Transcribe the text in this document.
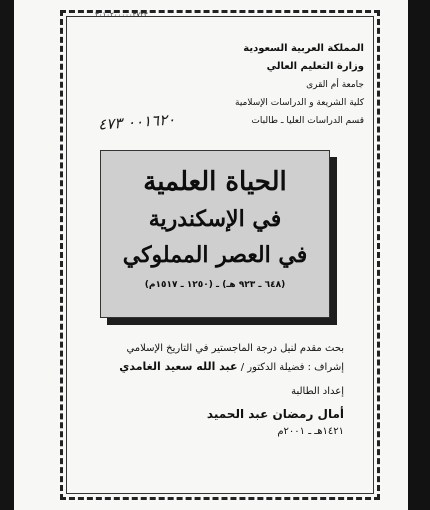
٣٠١٠٢٠٠٠٠٠٣٧٢٣
المملكة العربية السعودية
وزارة التعليم العالي
جامعة أم القرى
كلية الشريعة و الدراسات الإسلامية
قسم الدراسات العليا ـ طالبات
٠٠١٦٢٠ ٤٧٣
الحياة العلمية
في الإسكندرية
في العصر المملوكي
(٦٤٨ ـ ٩٢٣ هـ) ـ (١٢٥٠ ـ ١٥١٧م)
بحث مقدم لنيل درجة الماجستير في التاريخ الإسلامي
إشراف : فضيلة الدكتور / عبد الله سعيد الغامدي
إعداد الطالبة
أمال رمضان عبد الحميد
١٤٢١هـ ـ ٢٠٠١م
